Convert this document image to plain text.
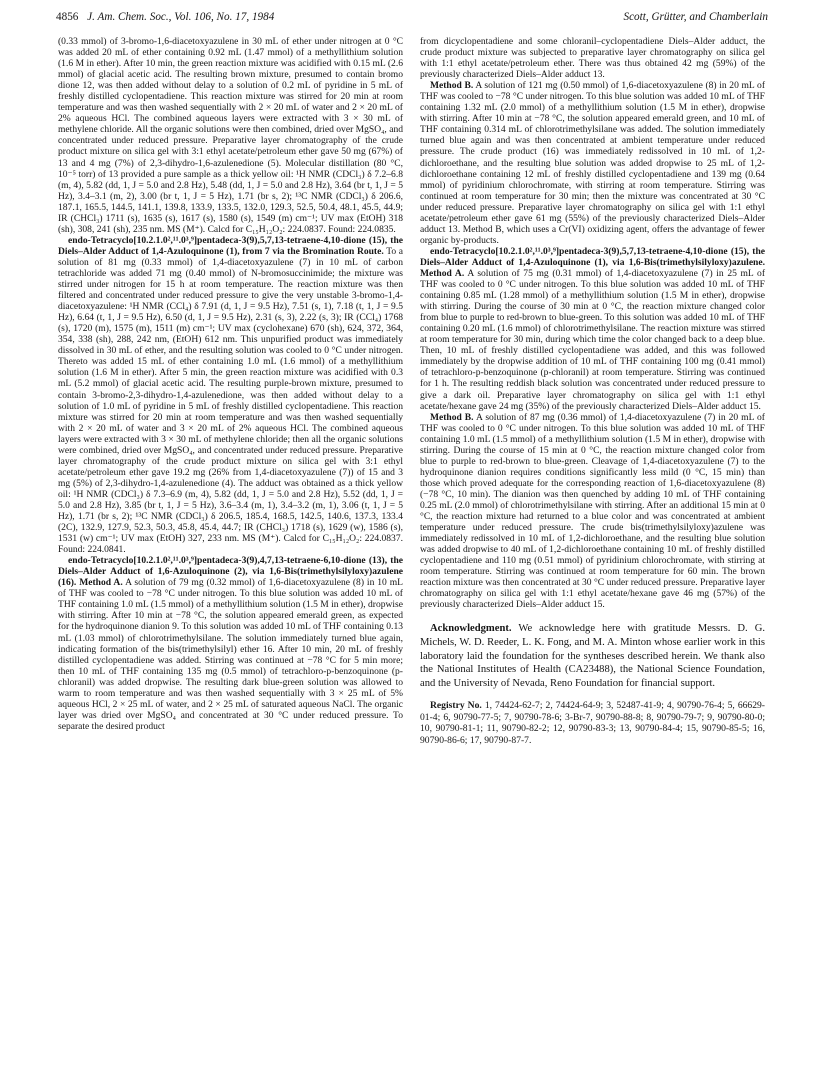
4856 J. Am. Chem. Soc., Vol. 106, No. 17, 1984	Scott, Grütter, and Chamberlain

(0.33 mmol) of 3-bromo-1,6-diacetoxyazulene in 30 mL of ether under nitrogen at 0 °C was added 20 mL of ether containing 0.92 mL (1.47 mmol) of a methyllithium solution (1.6 M in ether). After 10 min, the green reaction mixture was acidified with 0.15 mL (2.6 mmol) of glacial acetic acid. The resulting brown mixture, presumed to contain bromo dione 12, was then added without delay to a solution of 0.2 mL of pyridine in 5 mL of freshly distilled cyclopentadiene. This reaction mixture was stirred for 20 min at room temperature and was then washed sequentially with 2 × 20 mL of water and 2 × 20 mL of 2% aqueous HCl. The combined aqueous layers were extracted with 3 × 30 mL of methylene chloride. All the organic solutions were then combined, dried over MgSO₄, and concentrated under reduced pressure. Preparative layer chromatography of the crude product mixture on silica gel with 3:1 ethyl acetate/petroleum ether gave 50 mg (67%) of 13 and 4 mg (7%) of 2,3-dihydro-1,6-azulenedione (5). Molecular distillation (80 °C, 10⁻⁵ torr) of 13 provided a pure sample as a thick yellow oil: ¹H NMR (CDCl₃) δ 7.2–6.8 (m, 4), 5.82 (dd, 1, J = 5.0 and 2.8 Hz), 5.48 (dd, 1, J = 5.0 and 2.8 Hz), 3.64 (br t, 1, J = 5 Hz), 3.4–3.1 (m, 2), 3.00 (br t, 1, J = 5 Hz), 1.71 (br s, 2); ¹³C NMR (CDCl₃) δ 206.6, 187.1, 165.5, 144.5, 141.1, 139.8, 133.9, 133.5, 132.0, 129.3, 52.5, 50.4, 48.1, 45.5, 44.9; IR (CHCl₃) 1711 (s), 1635 (s), 1617 (s), 1580 (s), 1549 (m) cm⁻¹; UV max (EtOH) 318 (sh), 308, 241 (sh), 235 nm. MS (M⁺). Calcd for C₁₅H₁₂O₂: 224.0837. Found: 224.0835.

endo-Tetracyclo[10.2.1.0²,¹¹.0³,⁹]pentadeca-3(9),5,7,13-tetraene-4,10-dione (15), the Diels–Alder Adduct of 1,4-Azuloquinone (1), from 7 via the Bromination Route. To a solution of 81 mg (0.33 mmol) of 1,4-diacetoxyazulene (7) in 10 mL of carbon tetrachloride was added 71 mg (0.40 mmol) of N-bromosuccinimide; the mixture was stirred under nitrogen for 15 h at room temperature. The reaction mixture was then filtered and concentrated under reduced pressure to give the very unstable 3-bromo-1,4-diacetoxyazulene: ¹H NMR (CCl₄) δ 7.91 (d, 1, J = 9.5 Hz), 7.51 (s, 1), 7.18 (t, 1, J = 9.5 Hz), 6.64 (t, 1, J = 9.5 Hz), 6.50 (d, 1, J = 9.5 Hz), 2.31 (s, 3), 2.22 (s, 3); IR (CCl₄) 1768 (s), 1720 (m), 1575 (m), 1511 (m) cm⁻¹; UV max (cyclohexane) 670 (sh), 624, 372, 364, 354, 338 (sh), 288, 242 nm, (EtOH) 612 nm. This unpurified product was immediately dissolved in 30 mL of ether, and the resulting solution was cooled to 0 °C under nitrogen. Thereto was added 15 mL of ether containing 1.0 mL (1.6 mmol) of a methyllithium solution (1.6 M in ether). After 5 min, the green reaction mixture was acidified with 0.3 mL (5.2 mmol) of glacial acetic acid. The resulting purple-brown mixture, presumed to contain 3-bromo-2,3-dihydro-1,4-azulenedione, was then added without delay to a solution of 1.0 mL of pyridine in 5 mL of freshly distilled cyclopentadiene. This reaction mixture was stirred for 20 min at room temperature and was then washed sequentially with 2 × 20 mL of water and 3 × 20 mL of 2% aqueous HCl. The combined aqueous layers were extracted with 3 × 30 mL of methylene chloride; then all the organic solutions were combined, dried over MgSO₄, and concentrated under reduced pressure. Preparative layer chromatography of the crude product mixture on silica gel with 3:1 ethyl acetate/petroleum ether gave 19.2 mg (26% from 1,4-diacetoxyazulene (7)) of 15 and 3 mg (5%) of 2,3-dihydro-1,4-azulenedione (4). The adduct was obtained as a thick yellow oil: ¹H NMR (CDCl₃) δ 7.3–6.9 (m, 4), 5.82 (dd, 1, J = 5.0 and 2.8 Hz), 5.52 (dd, 1, J = 5.0 and 2.8 Hz), 3.85 (br t, 1, J = 5 Hz), 3.6–3.4 (m, 1), 3.4–3.2 (m, 1), 3.06 (t, 1, J = 5 Hz), 1.71 (br s, 2); ¹³C NMR (CDCl₃) δ 206.5, 185.4, 168.5, 142.5, 140.6, 137.3, 133.4 (2C), 132.9, 127.9, 52.3, 50.3, 45.8, 45.4, 44.7; IR (CHCl₃) 1718 (s), 1629 (w), 1586 (s), 1531 (w) cm⁻¹; UV max (EtOH) 327, 233 nm. MS (M⁺). Calcd for C₁₅H₁₂O₂: 224.0837. Found: 224.0841.

endo-Tetracyclo[10.2.1.0²,¹¹.0³,⁹]pentadeca-3(9),4,7,13-tetraene-6,10-dione (13), the Diels–Alder Adduct of 1,6-Azuloquinone (2), via 1,6-Bis(trimethylsilyloxy)azulene (16). Method A. A solution of 79 mg (0.32 mmol) of 1,6-diacetoxyazulene (8) in 10 mL of THF was cooled to −78 °C under nitrogen. To this blue solution was added 10 mL of THF containing 1.0 mL (1.5 mmol) of a methyllithium solution (1.5 M in ether), dropwise with stirring. After 10 min at −78 °C, the solution appeared emerald green, as expected for the hydroquinone dianion 9. To this solution was added 10 mL of THF containing 0.13 mL (1.03 mmol) of chlorotrimethylsilane. The solution immediately turned blue again, indicating formation of the bis(trimethylsilyl) ether 16. After 10 min, 20 mL of freshly distilled cyclopentadiene was added. Stirring was continued at −78 °C for 5 min more; then 10 mL of THF containing 135 mg (0.5 mmol) of tetrachloro-p-benzoquinone (p-chloranil) was added dropwise. The resulting dark blue-green solution was allowed to warm to room temperature and was then washed sequentially with 3 × 25 mL of 5% aqueous HCl, 2 × 25 mL of water, and 2 × 25 mL of saturated aqueous NaCl. The organic layer was dried over MgSO₄ and concentrated at 30 °C under reduced pressure. To separate the desired product

from dicyclopentadiene and some chloranil–cyclopentadiene Diels–Alder adduct, the crude product mixture was subjected to preparative layer chromatography on silica gel with 1:1 ethyl acetate/petroleum ether. There was thus obtained 42 mg (59%) of the previously characterized Diels–Alder adduct 13.

Method B. A solution of 121 mg (0.50 mmol) of 1,6-diacetoxyazulene (8) in 20 mL of THF was cooled to −78 °C under nitrogen. To this blue solution was added 10 mL of THF containing 1.32 mL (2.0 mmol) of a methyllithium solution (1.5 M in ether), dropwise with stirring. After 10 min at −78 °C, the solution appeared emerald green, and 10 mL of THF containing 0.314 mL of chlorotrimethylsilane was added. The solution immediately turned blue again and was then concentrated at ambient temperature under reduced pressure. The crude product (16) was immediately redissolved in 10 mL of 1,2-dichloroethane, and the resulting blue solution was added dropwise to 25 mL of 1,2-dichloroethane containing 12 mL of freshly distilled cyclopentadiene and 139 mg (0.64 mmol) of pyridinium chlorochromate, with stirring at room temperature. Stirring was continued at room temperature for 30 min; then the mixture was concentrated at 30 °C under reduced pressure. Preparative layer chromatography on silica gel with 1:1 ethyl acetate/petroleum ether gave 61 mg (55%) of the previously characterized Diels–Alder adduct 13. Method B, which uses a Cr(VI) oxidizing agent, offers the advantage of fewer organic by-products.

endo-Tetracyclo[10.2.1.0²,¹¹.0³,⁹]pentadeca-3(9),5,7,13-tetraene-4,10-dione (15), the Diels–Alder Adduct of 1,4-Azuloquinone (1), via 1,6-Bis(trimethylsilyloxy)azulene. Method A. A solution of 75 mg (0.31 mmol) of 1,4-diacetoxyazulene (7) in 25 mL of THF was cooled to 0 °C under nitrogen. To this blue solution was added 10 mL of THF containing 0.85 mL (1.28 mmol) of a methyllithium solution (1.5 M in ether), dropwise with stirring. During the course of 30 min at 0 °C, the reaction mixture changed color from blue to purple to red-brown to blue-green. To this solution was added 10 mL of THF containing 0.20 mL (1.6 mmol) of chlorotrimethylsilane. The reaction mixture was stirred at room temperature for 30 min, during which time the color changed back to a deep blue. Then, 10 mL of freshly distilled cyclopentadiene was added, and this was followed immediately by the dropwise addition of 10 mL of THF containing 100 mg (0.41 mmol) of tetrachloro-p-benzoquinone (p-chloranil) at room temperature. Stirring was continued for 1 h. The resulting reddish black solution was concentrated under reduced pressure to give a dark oil. Preparative layer chromatography on silica gel with 1:1 ethyl acetate/hexane gave 24 mg (35%) of the previously characterized Diels–Alder adduct 15.

Method B. A solution of 87 mg (0.36 mmol) of 1,4-diacetoxyazulene (7) in 20 mL of THF was cooled to 0 °C under nitrogen. To this blue solution was added 10 mL of THF containing 1.0 mL (1.5 mmol) of a methyllithium solution (1.5 M in ether), dropwise with stirring. During the course of 15 min at 0 °C, the reaction mixture changed color from blue to purple to red-brown to blue-green. Cleavage of 1,4-diacetoxyazulene (7) to the hydroquinone dianion requires conditions significantly less mild (0 °C, 15 min) than those which proved adequate for the corresponding reaction of 1,6-diacetoxyazulene (8) (−78 °C, 10 min). The dianion was then quenched by adding 10 mL of THF containing 0.25 mL (2.0 mmol) of chlorotrimethylsilane with stirring. After an additional 15 min at 0 °C, the reaction mixture had returned to a blue color and was concentrated at ambient temperature under reduced pressure. The crude bis(trimethylsilyloxy)azulene was immediately redissolved in 10 mL of 1,2-dichloroethane, and the resulting blue solution was added dropwise to 40 mL of 1,2-dichloroethane containing 10 mL of freshly distilled cyclopentadiene and 110 mg (0.51 mmol) of pyridinium chlorochromate, with stirring at room temperature. Stirring was continued at room temperature for 60 min. The brown reaction mixture was then concentrated at 30 °C under reduced pressure. Preparative layer chromatography on silica gel with 1:1 ethyl acetate/hexane gave 46 mg (57%) of the previously characterized Diels–Alder adduct 15.

Acknowledgment. We acknowledge here with gratitude Messrs. D. G. Michels, W. D. Reeder, L. K. Fong, and M. A. Minton whose earlier work in this laboratory laid the foundation for the syntheses described herein. We thank also the National Institutes of Health (CA23488), the National Science Foundation, and the University of Nevada, Reno Foundation for financial support.

Registry No. 1, 74424-62-7; 2, 74424-64-9; 3, 52487-41-9; 4, 90790-76-4; 5, 66629-01-4; 6, 90790-77-5; 7, 90790-78-6; 3-Br-7, 90790-88-8; 8, 90790-79-7; 9, 90790-80-0; 10, 90790-81-1; 11, 90790-82-2; 12, 90790-83-3; 13, 90790-84-4; 15, 90790-85-5; 16, 90790-86-6; 17, 90790-87-7.
